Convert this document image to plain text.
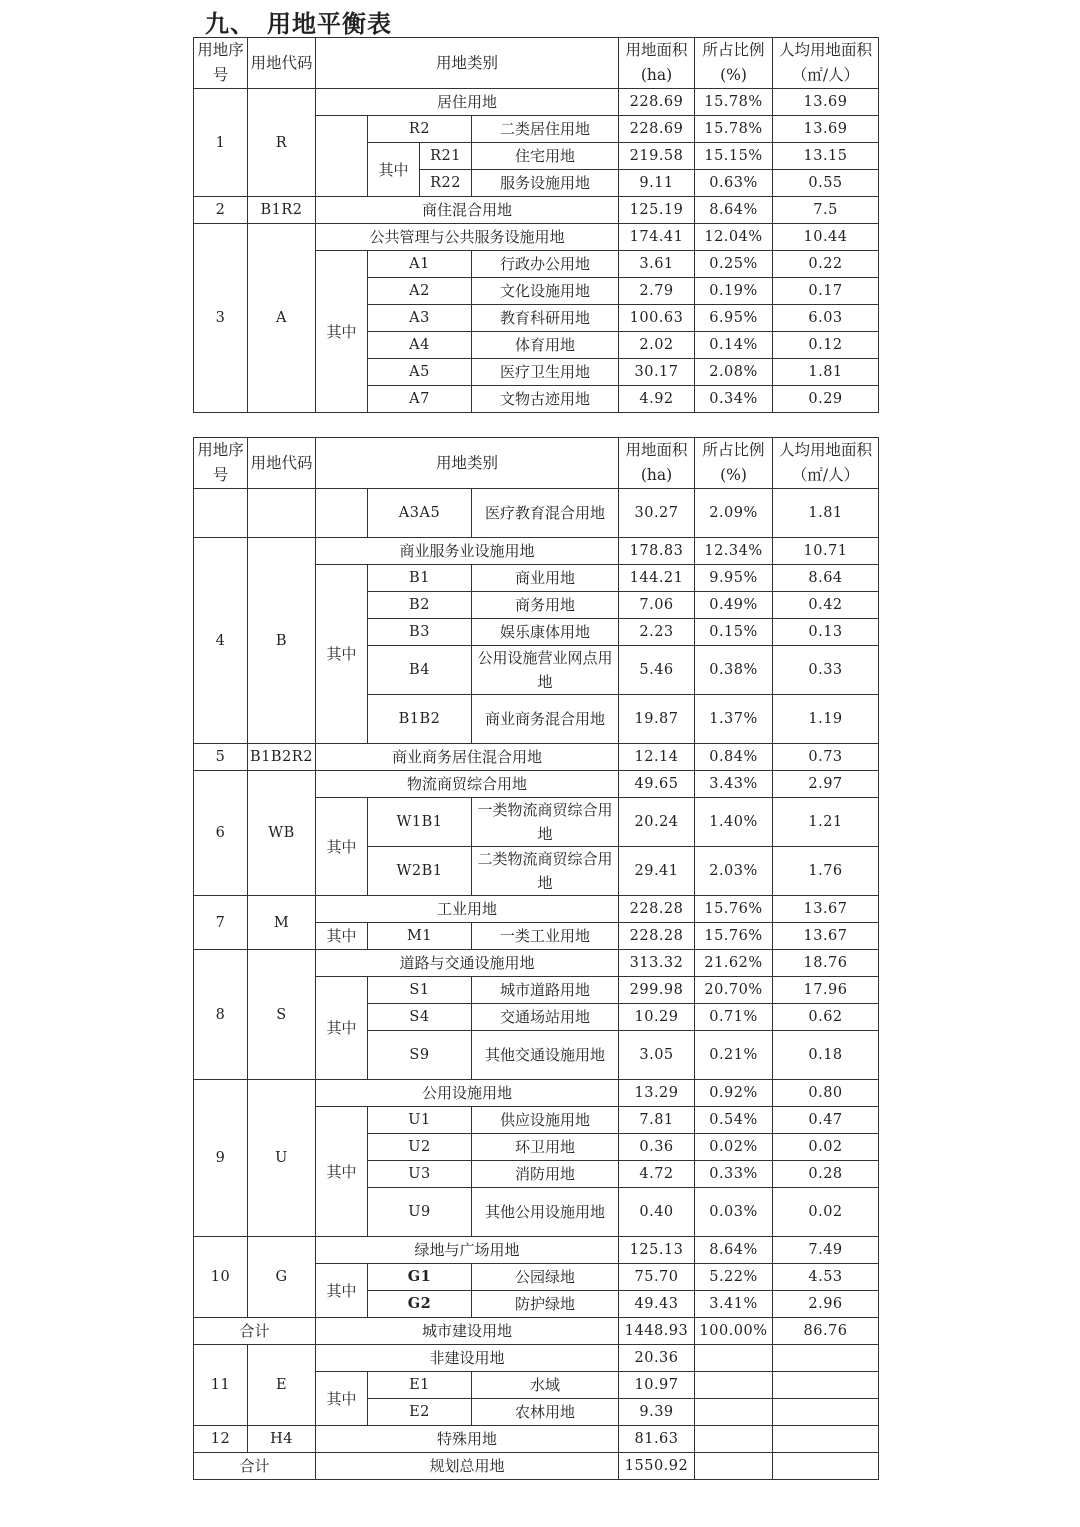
九、 用地平衡表
用地序号	用地代码	用地类别				用地面积(ha)	所占比例(%)	人均用地面积（㎡/人）
1	R	居住用地				228.69	15.78%	13.69
			R2		二类居住用地	228.69	15.78%	13.69
			其中	R21	住宅用地	219.58	15.15%	13.15
				R22	服务设施用地	9.11	0.63%	0.55
2	B1R2	商住混合用地				125.19	8.64%	7.5
3	A	公共管理与公共服务设施用地				174.41	12.04%	10.44
		其中	A1		行政办公用地	3.61	0.25%	0.22
			A2		文化设施用地	2.79	0.19%	0.17
			A3		教育科研用地	100.63	6.95%	6.03
			A4		体育用地	2.02	0.14%	0.12
			A5		医疗卫生用地	30.17	2.08%	1.81
			A7		文物古迹用地	4.92	0.34%	0.29
用地序号	用地代码	用地类别			用地面积(ha)	所占比例(%)	人均用地面积（㎡/人）
			A3A5	医疗教育混合用地	30.27	2.09%	1.81
4	B	商业服务业设施用地			178.83	12.34%	10.71
		其中	B1	商业用地	144.21	9.95%	8.64
			B2	商务用地	7.06	0.49%	0.42
			B3	娱乐康体用地	2.23	0.15%	0.13
			B4	公用设施营业网点用地	5.46	0.38%	0.33
			B1B2	商业商务混合用地	19.87	1.37%	1.19
5	B1B2R2	商业商务居住混合用地			12.14	0.84%	0.73
6	WB	物流商贸综合用地			49.65	3.43%	2.97
		其中	W1B1	一类物流商贸综合用地	20.24	1.40%	1.21
			W2B1	二类物流商贸综合用地	29.41	2.03%	1.76
7	M	工业用地			228.28	15.76%	13.67
		其中	M1	一类工业用地	228.28	15.76%	13.67
8	S	道路与交通设施用地			313.32	21.62%	18.76
		其中	S1	城市道路用地	299.98	20.70%	17.96
			S4	交通场站用地	10.29	0.71%	0.62
			S9	其他交通设施用地	3.05	0.21%	0.18
9	U	公用设施用地			13.29	0.92%	0.80
		其中	U1	供应设施用地	7.81	0.54%	0.47
			U2	环卫用地	0.36	0.02%	0.02
			U3	消防用地	4.72	0.33%	0.28
			U9	其他公用设施用地	0.40	0.03%	0.02
10	G	绿地与广场用地			125.13	8.64%	7.49
		其中	G1	公园绿地	75.70	5.22%	4.53
			G2	防护绿地	49.43	3.41%	2.96
合计		城市建设用地			1448.93	100.00%	86.76
11	E	非建设用地			20.36		
		其中	E1	水域	10.97		
			E2	农林用地	9.39		
12	H4	特殊用地			81.63		
合计		规划总用地			1550.92		
